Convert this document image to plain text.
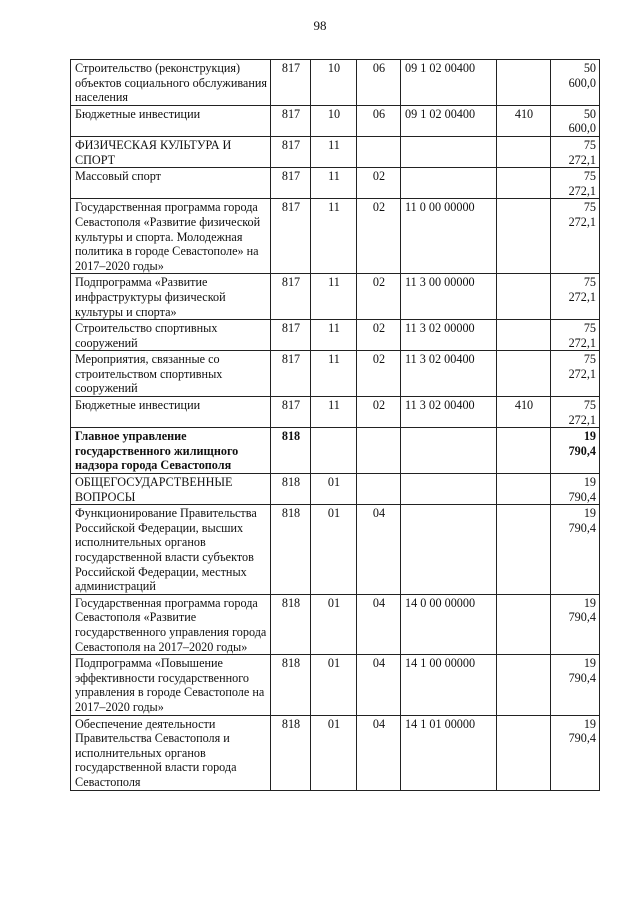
98
Строительство (реконструкция) объектов социального обслуживания населения	817	10	06	09 1 02 00400		50 600,0
Бюджетные инвестиции	817	10	06	09 1 02 00400	410	50 600,0
ФИЗИЧЕСКАЯ КУЛЬТУРА И СПОРТ	817	11				75 272,1
Массовый спорт	817	11	02			75 272,1
Государственная программа города Севастополя «Развитие физической культуры и спорта. Молодежная политика в городе Севастополе» на 2017–2020 годы»	817	11	02	11 0 00 00000		75 272,1
Подпрограмма «Развитие инфраструктуры физической культуры и спорта»	817	11	02	11 3 00 00000		75 272,1
Строительство спортивных сооружений	817	11	02	11 3 02 00000		75 272,1
Мероприятия, связанные со строительством спортивных сооружений	817	11	02	11 3 02 00400		75 272,1
Бюджетные инвестиции	817	11	02	11 3 02 00400	410	75 272,1
Главное управление государственного жилищного надзора города Севастополя	818					19 790,4
ОБЩЕГОСУДАРСТВЕННЫЕ ВОПРОСЫ	818	01				19 790,4
Функционирование Правительства Российской Федерации, высших исполнительных органов государственной власти субъектов Российской Федерации, местных администраций	818	01	04			19 790,4
Государственная программа города Севастополя «Развитие государственного управления города Севастополя на 2017–2020 годы»	818	01	04	14 0 00 00000		19 790,4
Подпрограмма «Повышение эффективности государственного управления в городе Севастополе на 2017–2020 годы»	818	01	04	14 1 00 00000		19 790,4
Обеспечение деятельности Правительства Севастополя и исполнительных органов государственной власти города Севастополя	818	01	04	14 1 01 00000		19 790,4
